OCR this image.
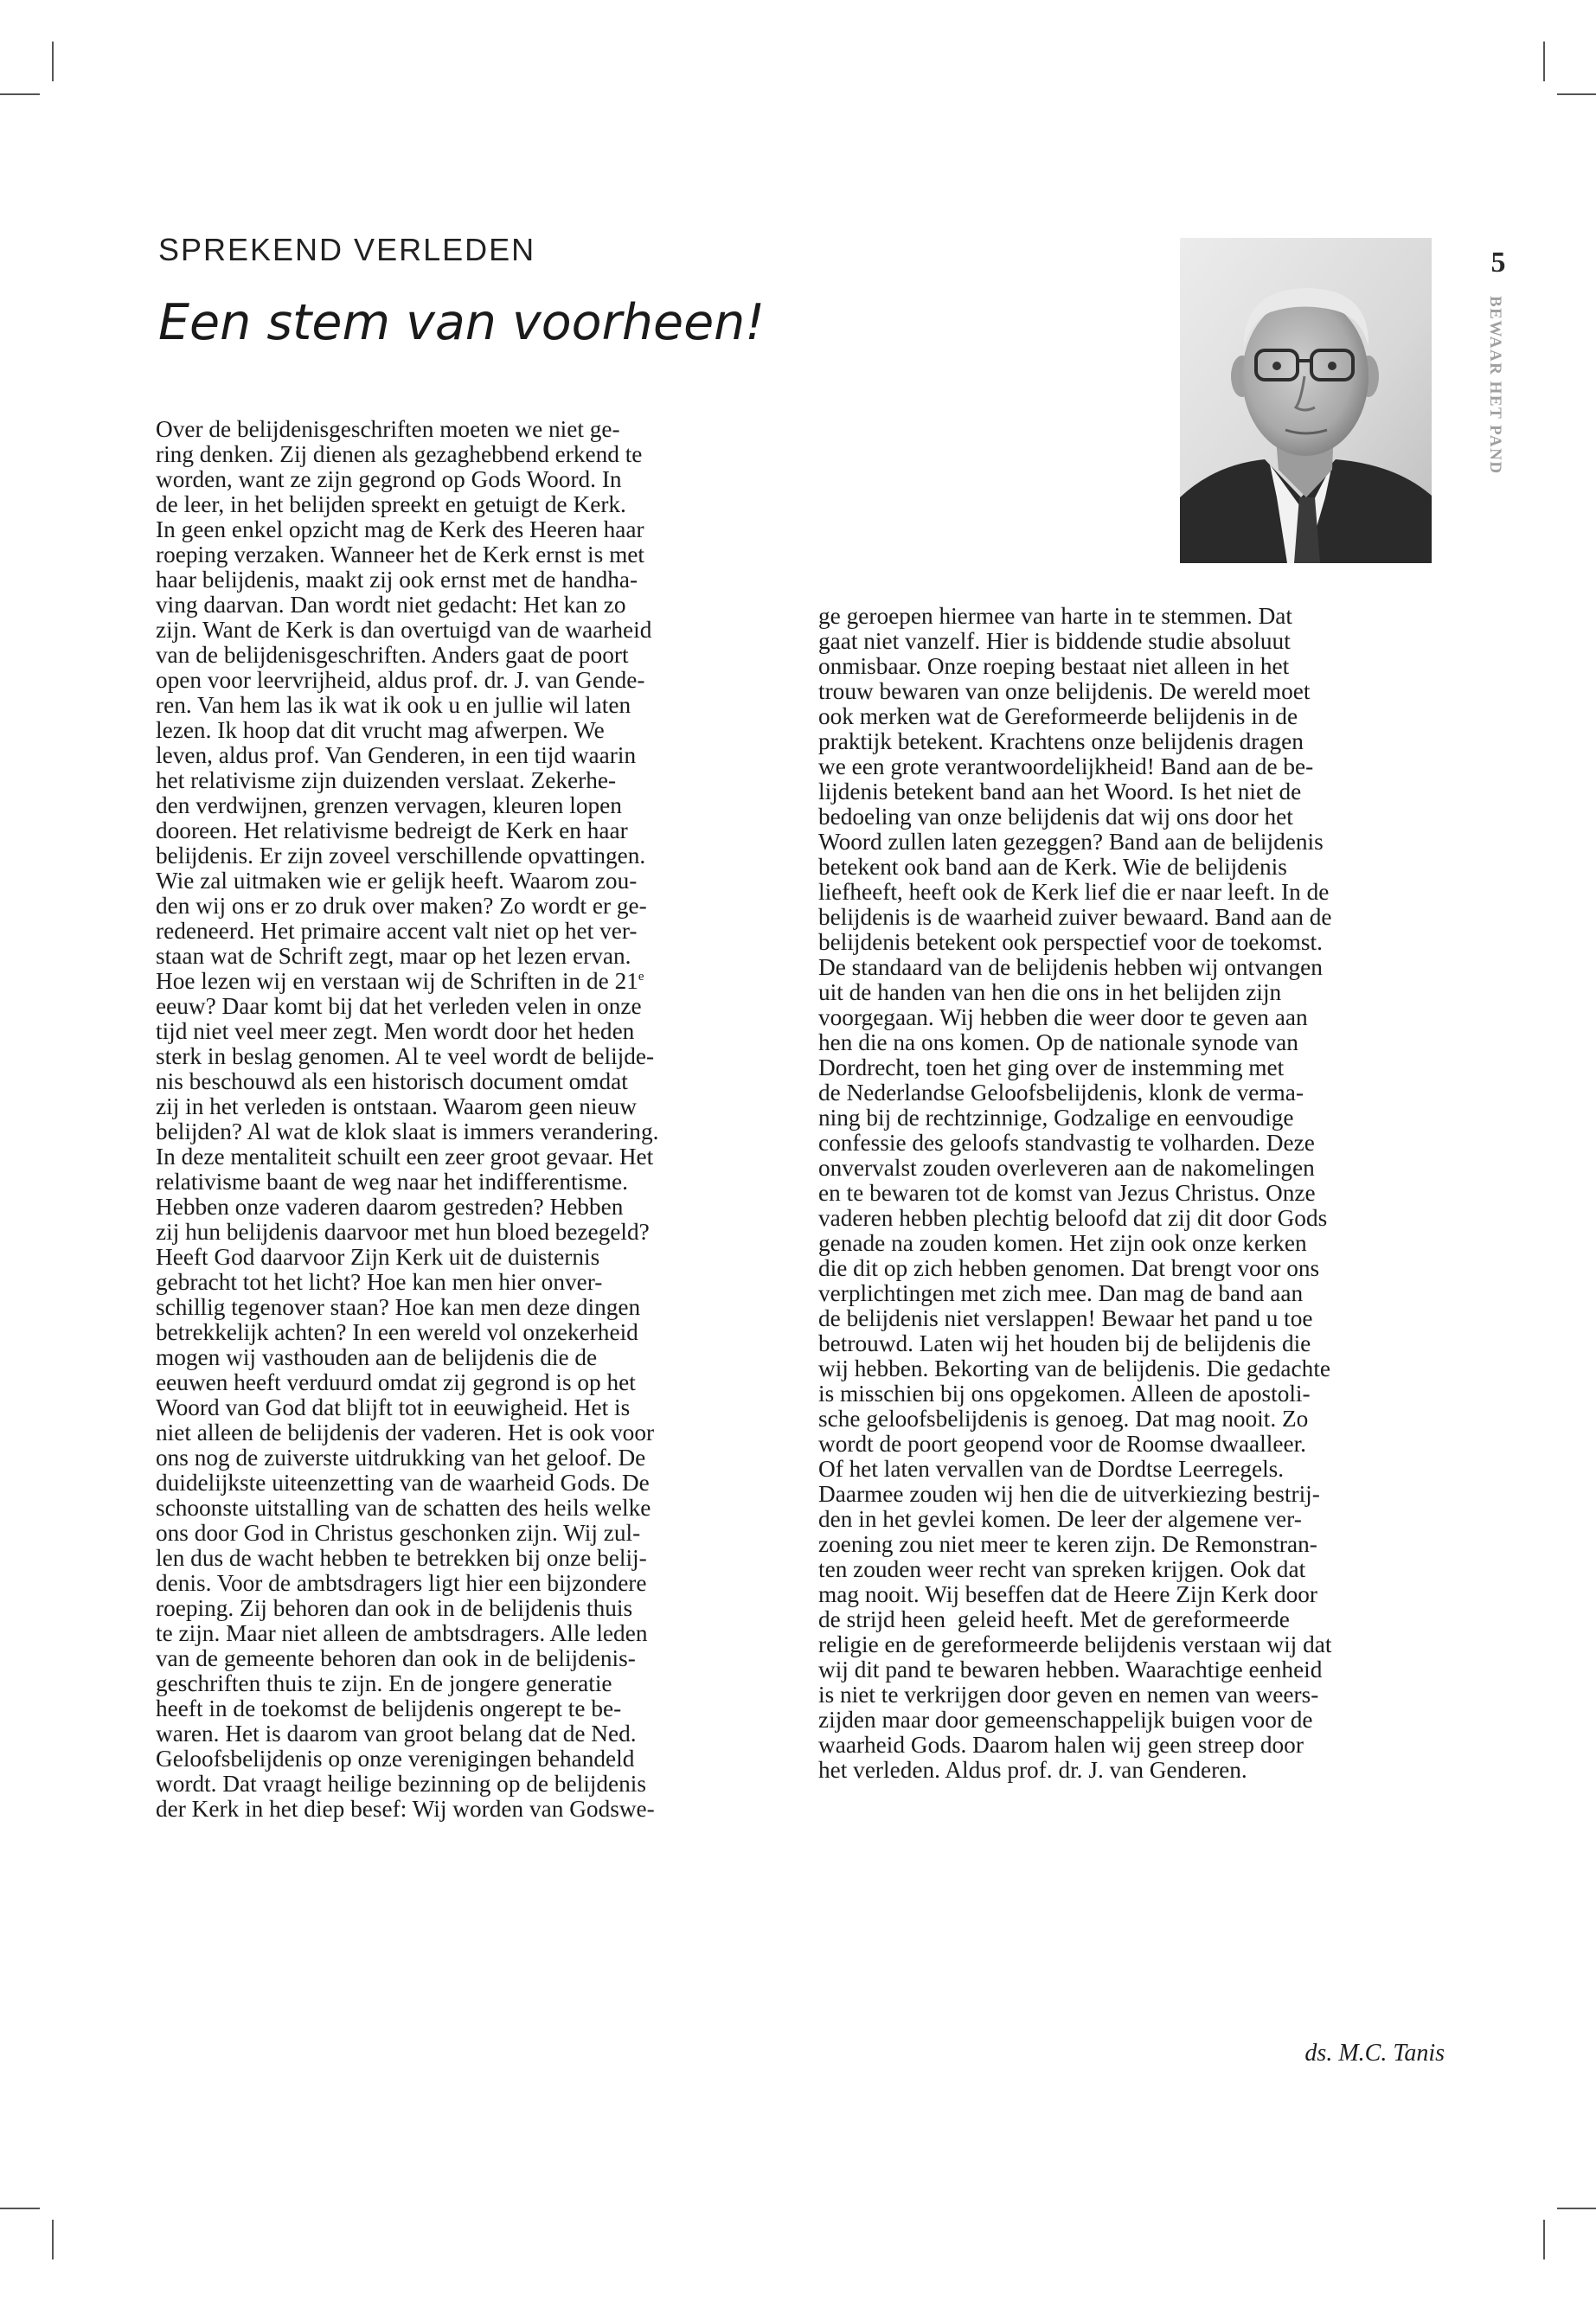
SPREKEND VERLEDEN
Een stem van voorheen!
5
BEWAAR HET PAND
Over de belijdenisgeschriften moeten we niet ge-
ring denken. Zij dienen als gezaghebbend erkend te
worden, want ze zijn gegrond op Gods Woord. In
de leer, in het belijden spreekt en getuigt de Kerk.
In geen enkel opzicht mag de Kerk des Heeren haar
roeping verzaken. Wanneer het de Kerk ernst is met
haar belijdenis, maakt zij ook ernst met de handha-
ving daarvan. Dan wordt niet gedacht: Het kan zo
zijn. Want de Kerk is dan overtuigd van de waarheid
van de belijdenisgeschriften. Anders gaat de poort
open voor leervrijheid, aldus prof. dr. J. van Gende-
ren. Van hem las ik wat ik ook u en jullie wil laten
lezen. Ik hoop dat dit vrucht mag afwerpen. We
leven, aldus prof. Van Genderen, in een tijd waarin
het relativisme zijn duizenden verslaat. Zekerhe-
den verdwijnen, grenzen vervagen, kleuren lopen
dooreen. Het relativisme bedreigt de Kerk en haar
belijdenis. Er zijn zoveel verschillende opvattingen.
Wie zal uitmaken wie er gelijk heeft. Waarom zou-
den wij ons er zo druk over maken? Zo wordt er ge-
redeneerd. Het primaire accent valt niet op het ver-
staan wat de Schrift zegt, maar op het lezen ervan.
Hoe lezen wij en verstaan wij de Schriften in de 21e
eeuw? Daar komt bij dat het verleden velen in onze
tijd niet veel meer zegt. Men wordt door het heden
sterk in beslag genomen. Al te veel wordt de belijde-
nis beschouwd als een historisch document omdat
zij in het verleden is ontstaan. Waarom geen nieuw
belijden? Al wat de klok slaat is immers verandering.
In deze mentaliteit schuilt een zeer groot gevaar. Het
relativisme baant de weg naar het indifferentisme.
Hebben onze vaderen daarom gestreden? Hebben
zij hun belijdenis daarvoor met hun bloed bezegeld?
Heeft God daarvoor Zijn Kerk uit de duisternis
gebracht tot het licht? Hoe kan men hier onver-
schillig tegenover staan? Hoe kan men deze dingen
betrekkelijk achten? In een wereld vol onzekerheid
mogen wij vasthouden aan de belijdenis die de
eeuwen heeft verduurd omdat zij gegrond is op het
Woord van God dat blijft tot in eeuwigheid. Het is
niet alleen de belijdenis der vaderen. Het is ook voor
ons nog de zuiverste uitdrukking van het geloof. De
duidelijkste uiteenzetting van de waarheid Gods. De
schoonste uitstalling van de schatten des heils welke
ons door God in Christus geschonken zijn. Wij zul-
len dus de wacht hebben te betrekken bij onze belij-
denis. Voor de ambtsdragers ligt hier een bijzondere
roeping. Zij behoren dan ook in de belijdenis thuis
te zijn. Maar niet alleen de ambtsdragers. Alle leden
van de gemeente behoren dan ook in de belijdenis-
geschriften thuis te zijn. En de jongere generatie
heeft in de toekomst de belijdenis ongerept te be-
waren. Het is daarom van groot belang dat de Ned.
Geloofsbelijdenis op onze verenigingen behandeld
wordt. Dat vraagt heilige bezinning op de belijdenis
der Kerk in het diep besef: Wij worden van Godswe-
ge geroepen hiermee van harte in te stemmen. Dat
gaat niet vanzelf. Hier is biddende studie absoluut
onmisbaar. Onze roeping bestaat niet alleen in het
trouw bewaren van onze belijdenis. De wereld moet
ook merken wat de Gereformeerde belijdenis in de
praktijk betekent. Krachtens onze belijdenis dragen
we een grote verantwoordelijkheid! Band aan de be-
lijdenis betekent band aan het Woord. Is het niet de
bedoeling van onze belijdenis dat wij ons door het
Woord zullen laten gezeggen? Band aan de belijdenis
betekent ook band aan de Kerk. Wie de belijdenis
liefheeft, heeft ook de Kerk lief die er naar leeft. In de
belijdenis is de waarheid zuiver bewaard. Band aan de
belijdenis betekent ook perspectief voor de toekomst.
De standaard van de belijdenis hebben wij ontvangen
uit de handen van hen die ons in het belijden zijn
voorgegaan. Wij hebben die weer door te geven aan
hen die na ons komen. Op de nationale synode van
Dordrecht, toen het ging over de instemming met
de Nederlandse Geloofsbelijdenis, klonk de verma-
ning bij de rechtzinnige, Godzalige en eenvoudige
confessie des geloofs standvastig te volharden. Deze
onvervalst zouden overleveren aan de nakomelingen
en te bewaren tot de komst van Jezus Christus. Onze
vaderen hebben plechtig beloofd dat zij dit door Gods
genade na zouden komen. Het zijn ook onze kerken
die dit op zich hebben genomen. Dat brengt voor ons
verplichtingen met zich mee. Dan mag de band aan
de belijdenis niet verslappen! Bewaar het pand u toe
betrouwd. Laten wij het houden bij de belijdenis die
wij hebben. Bekorting van de belijdenis. Die gedachte
is misschien bij ons opgekomen. Alleen de apostoli-
sche geloofsbelijdenis is genoeg. Dat mag nooit. Zo
wordt de poort geopend voor de Roomse dwaalleer.
Of het laten vervallen van de Dordtse Leerregels.
Daarmee zouden wij hen die de uitverkiezing bestrij-
den in het gevlei komen. De leer der algemene ver-
zoening zou niet meer te keren zijn. De Remonstran-
ten zouden weer recht van spreken krijgen. Ook dat
mag nooit. Wij beseffen dat de Heere Zijn Kerk door
de strijd heen  geleid heeft. Met de gereformeerde
religie en de gereformeerde belijdenis verstaan wij dat
wij dit pand te bewaren hebben. Waarachtige eenheid
is niet te verkrijgen door geven en nemen van weers-
zijden maar door gemeenschappelijk buigen voor de
waarheid Gods. Daarom halen wij geen streep door
het verleden. Aldus prof. dr. J. van Genderen.

ds. M.C. Tanis
